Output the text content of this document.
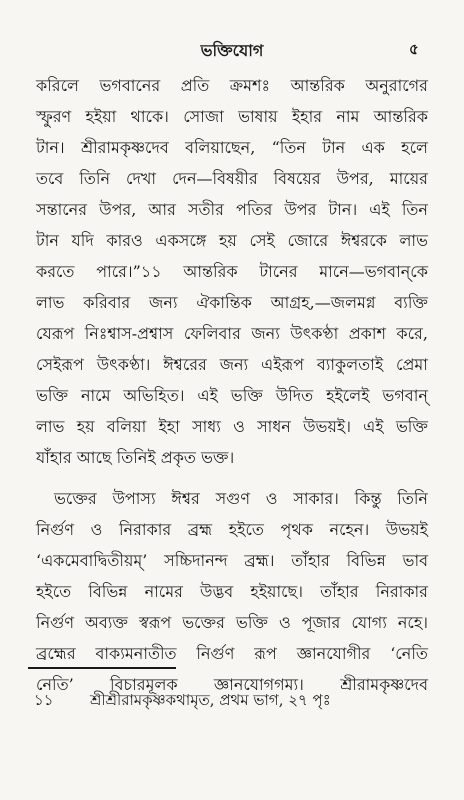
ভক্তিযোগ	৫
করিলে ভগবানের প্রতি ক্রমশঃ আন্তরিক অনুরাগের
স্ফুরণ হইয়া থাকে। সোজা ভাষায় ইহার নাম আন্তরিক
টান। শ্রীরামকৃষ্ণদেব বলিয়াছেন, “তিন টান এক হলে
তবে তিনি দেখা দেন—বিষয়ীর বিষয়ের উপর, মায়ের
সন্তানের উপর, আর সতীর পতির উপর টান। এই তিন
টান যদি কারও একসঙ্গে হয় সেই জোরে ঈশ্বরকে লাভ
করতে পারে।”১১ আন্তরিক টানের মানে—ভগবান্‌কে
লাভ করিবার জন্য ঐকান্তিক আগ্রহ,—জলমগ্ন ব্যক্তি
যেরূপ নিঃশ্বাস-প্রশ্বাস ফেলিবার জন্য উৎকণ্ঠা প্রকাশ করে,
সেইরূপ উৎকণ্ঠা। ঈশ্বরের জন্য এইরূপ ব্যাকুলতাই প্রেমা
ভক্তি নামে অভিহিত। এই ভক্তি উদিত হইলেই ভগবান্‌
লাভ হয় বলিয়া ইহা সাধ্য ও সাধন উভয়ই। এই ভক্তি
যাঁহার আছে তিনিই প্রকৃত ভক্ত।
ভক্তের উপাস্য ঈশ্বর সগুণ ও সাকার। কিন্তু তিনি
নির্গুণ ও নিরাকার ব্রহ্ম হইতে পৃথক নহেন। উভয়ই
‘একমেবাদ্বিতীয়ম্‌’ সচ্চিদানন্দ ব্রহ্ম। তাঁহার বিভিন্ন ভাব
হইতে বিভিন্ন নামের উদ্ভব হইয়াছে। তাঁহার নিরাকার
নির্গুণ অব্যক্ত স্বরূপ ভক্তের ভক্তি ও পূজার যোগ্য নহে।
ব্রহ্মের বাক্যমনাতীত নির্গুণ রূপ জ্ঞানযোগীর ‘নেতি
নেতি’ বিচারমূলক জ্ঞানযোগগম্য। শ্রীরামকৃষ্ণদেব
১১ শ্রীশ্রীরামকৃষ্ণকথামৃত, প্রথম ভাগ, ২৭ পৃঃ
